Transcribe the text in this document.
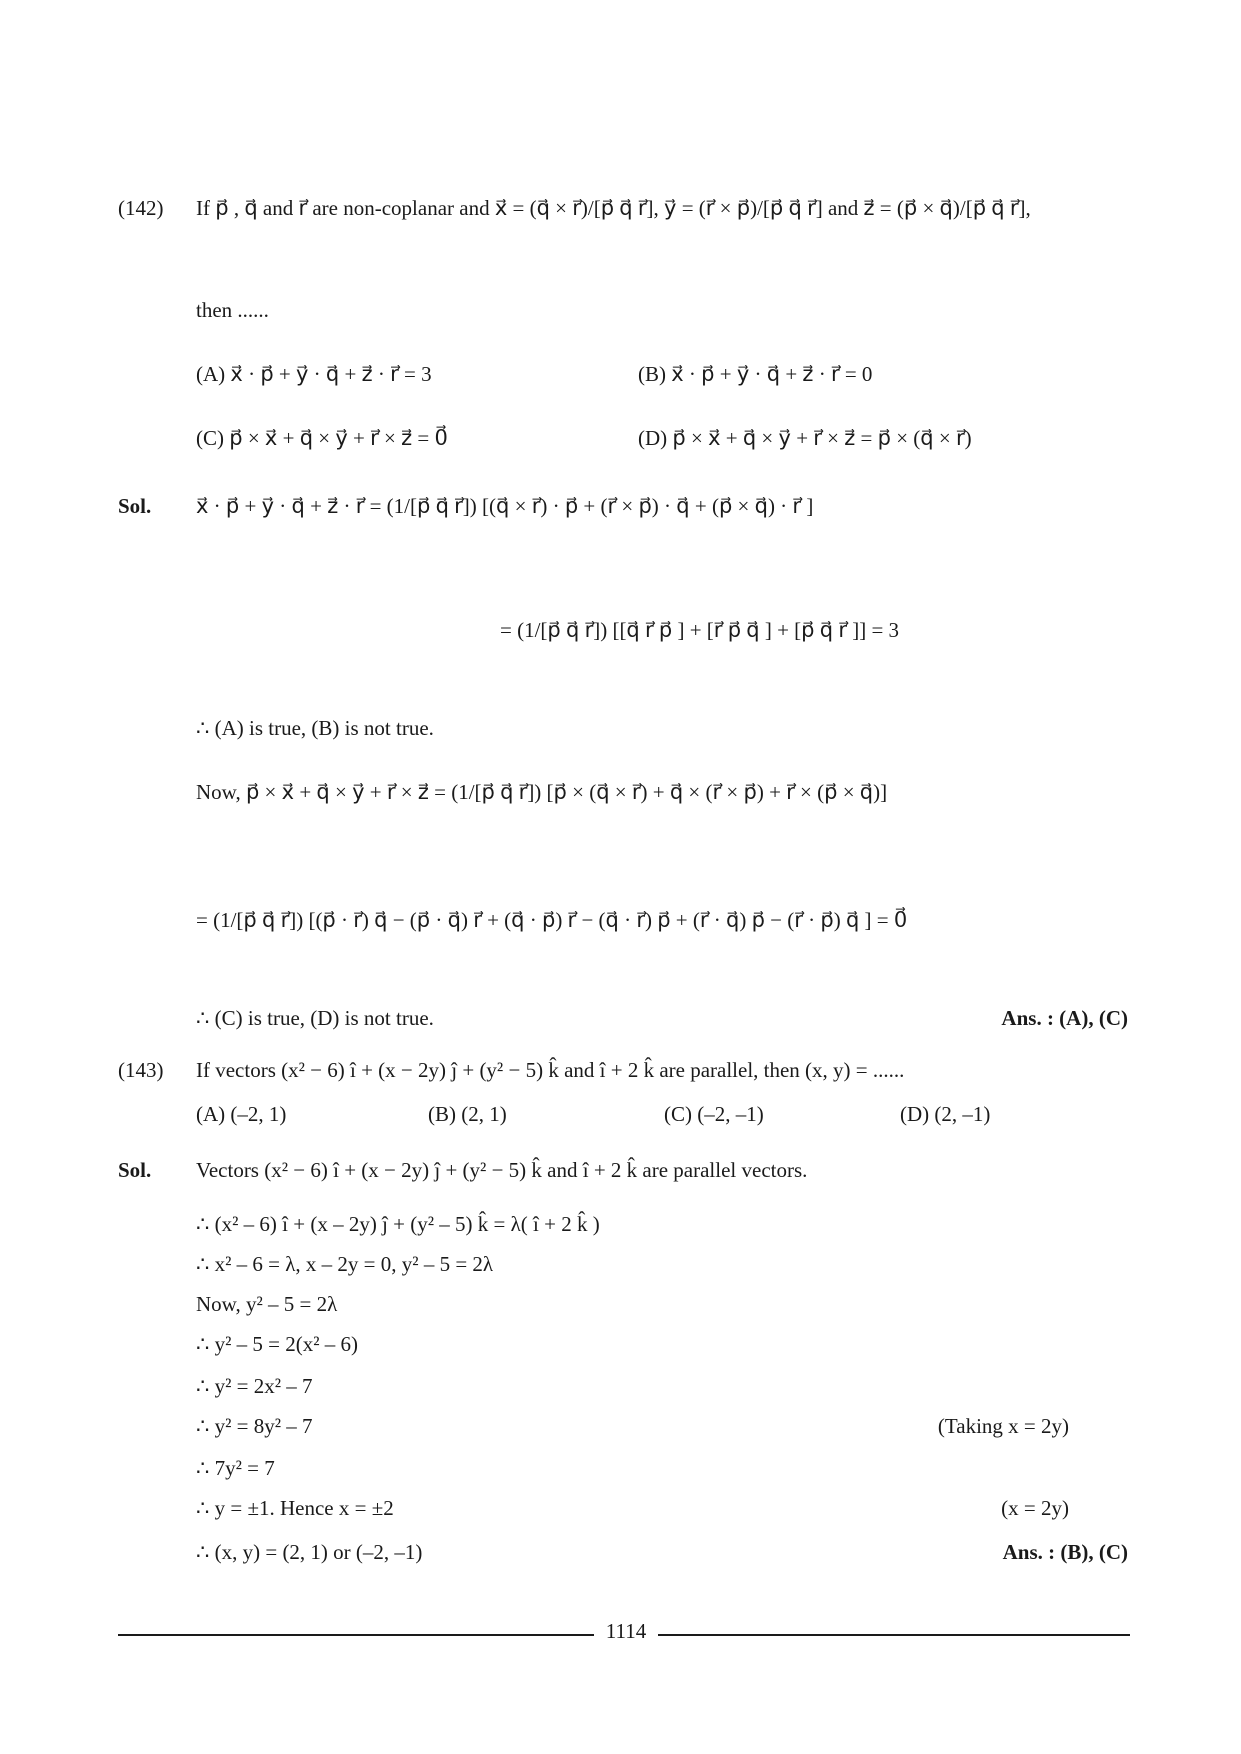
(142) If p⃗ , q⃗ and r⃗ are non-coplanar and x⃗ = (q⃗ × r⃗)/[p⃗ q⃗ r⃗], y⃗ = (r⃗ × p⃗)/[p⃗ q⃗ r⃗] and z⃗ = (p⃗ × q⃗)/[p⃗ q⃗ r⃗],
then ......
(A) x⃗ · p⃗ + y⃗ · q⃗ + z⃗ · r⃗ = 3	(B) x⃗ · p⃗ + y⃗ · q⃗ + z⃗ · r⃗ = 0
(C) p⃗ × x⃗ + q⃗ × y⃗ + r⃗ × z⃗ = 0⃗	(D) p⃗ × x⃗ + q⃗ × y⃗ + r⃗ × z⃗ = p⃗ × (q⃗ × r⃗)
Sol. x⃗ · p⃗ + y⃗ · q⃗ + z⃗ · r⃗ = (1/[p⃗ q⃗ r⃗]) [(q⃗ × r⃗) · p⃗ + (r⃗ × p⃗) · q⃗ + (p⃗ × q⃗) · r⃗ ]
= (1/[p⃗ q⃗ r⃗]) [[q⃗ r⃗ p⃗ ] + [r⃗ p⃗ q⃗ ] + [p⃗ q⃗ r⃗ ]] = 3
∴ (A) is true, (B) is not true.
Now, p⃗ × x⃗ + q⃗ × y⃗ + r⃗ × z⃗ = (1/[p⃗ q⃗ r⃗]) [p⃗ × (q⃗ × r⃗) + q⃗ × (r⃗ × p⃗) + r⃗ × (p⃗ × q⃗)]
= (1/[p⃗ q⃗ r⃗]) [(p⃗ · r⃗) q⃗ − (p⃗ · q⃗) r⃗ + (q⃗ · p⃗) r⃗ − (q⃗ · r⃗) p⃗ + (r⃗ · q⃗) p⃗ − (r⃗ · p⃗) q⃗ ] = 0⃗
∴ (C) is true, (D) is not true.	Ans. : (A), (C)
(143) If vectors (x² − 6) î + (x − 2y) ĵ + (y² − 5) k̂ and î + 2 k̂ are parallel, then (x, y) = ......
(A) (–2, 1)	(B) (2, 1)	(C) (–2, –1)	(D) (2, –1)
Sol. Vectors (x² − 6) î + (x − 2y) ĵ + (y² − 5) k̂ and î + 2 k̂ are parallel vectors.
∴ (x² – 6) î + (x – 2y) ĵ + (y² – 5) k̂ = λ( î + 2 k̂ )
∴ x² – 6 = λ, x – 2y = 0, y² – 5 = 2λ
Now, y² – 5 = 2λ
∴ y² – 5 = 2(x² – 6)
∴ y² = 2x² – 7
∴ y² = 8y² – 7	(Taking x = 2y)
∴ 7y² = 7
∴ y = ±1. Hence x = ±2	(x = 2y)
∴ (x, y) = (2, 1) or (–2, –1)	Ans. : (B), (C)
1114
